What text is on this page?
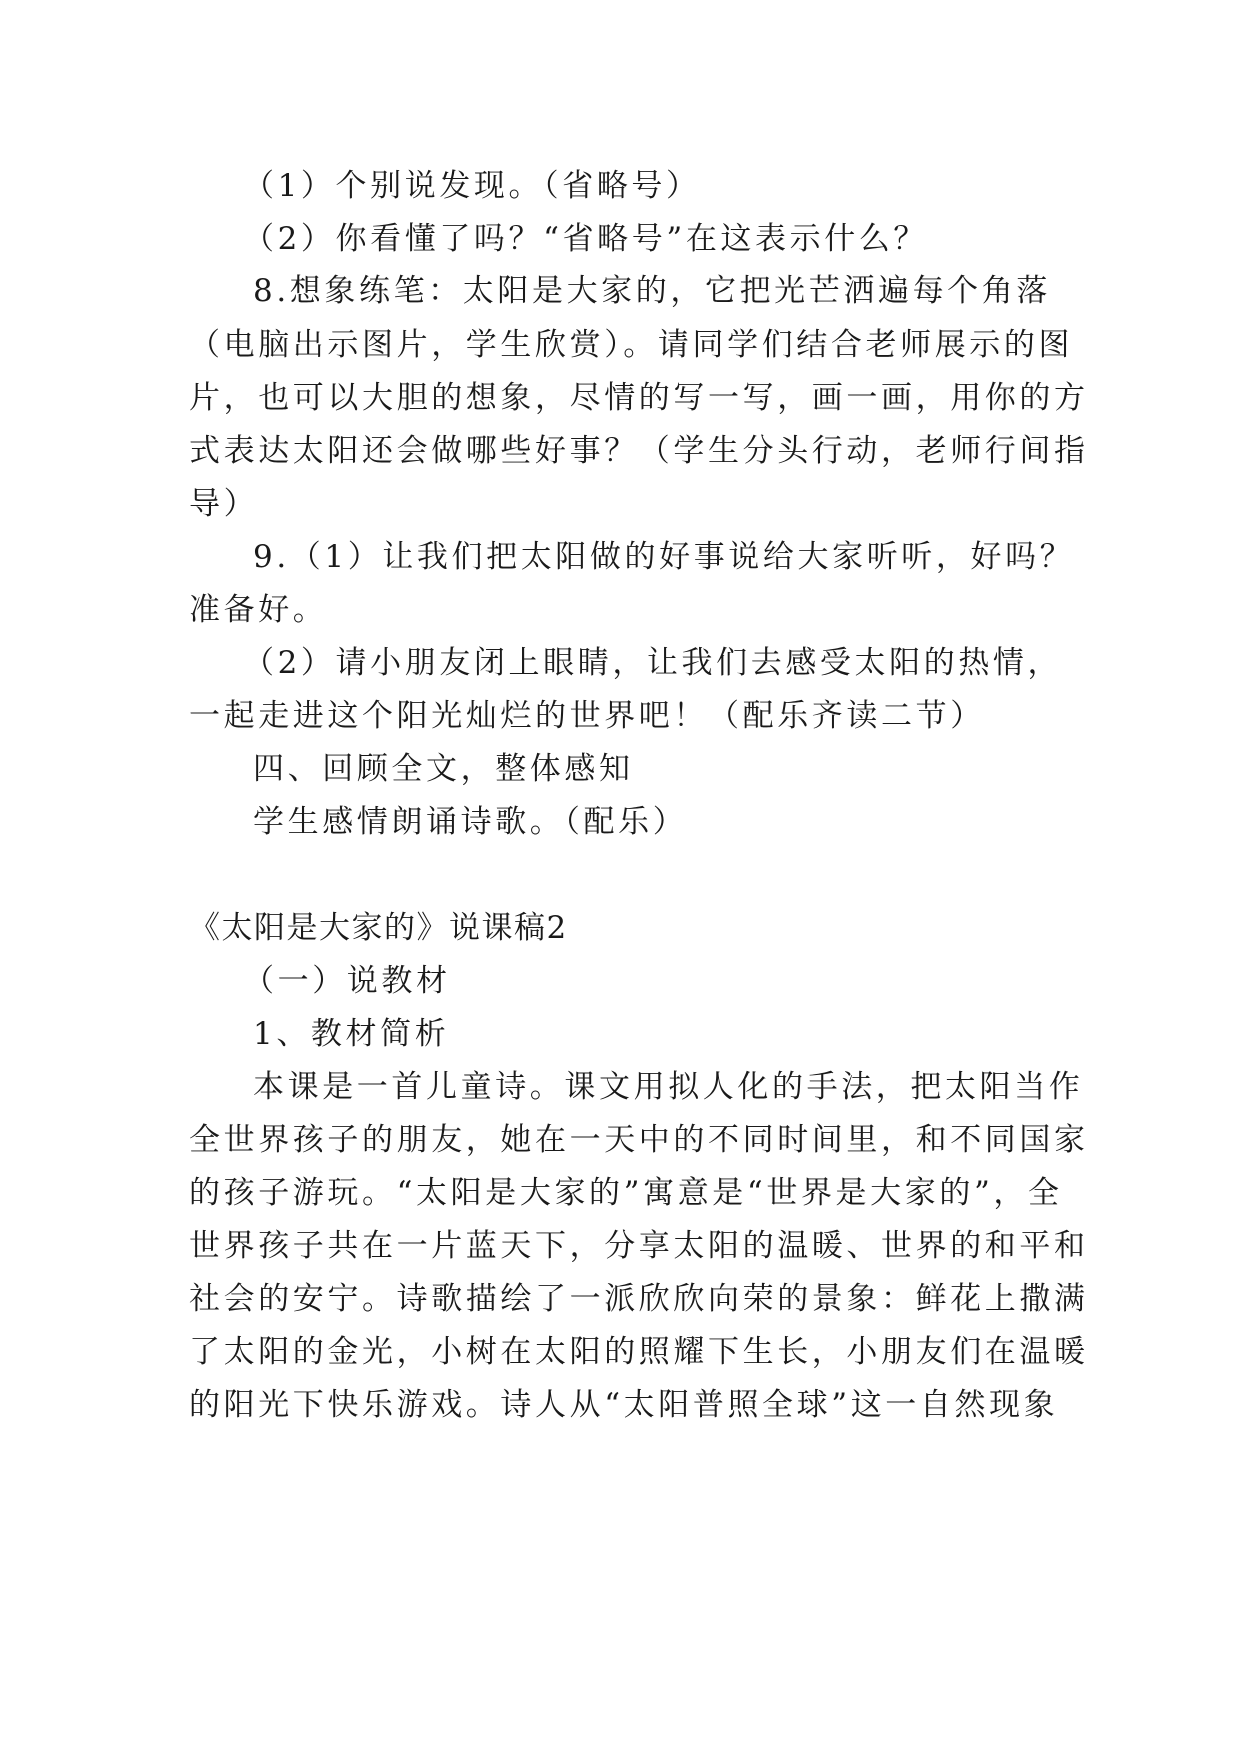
（1）个别说发现。（省略号）
（2）你看懂了吗？“省略号”在这表示什么？
8.想象练笔：太阳是大家的，它把光芒洒遍每个角落
（电脑出示图片，学生欣赏）。请同学们结合老师展示的图
片，也可以大胆的想象，尽情的写一写，画一画，用你的方
式表达太阳还会做哪些好事？（学生分头行动，老师行间指
导）
9.（1）让我们把太阳做的好事说给大家听听，好吗？
准备好。
（2）请小朋友闭上眼睛，让我们去感受太阳的热情，
一起走进这个阳光灿烂的世界吧！（配乐齐读二节）
四、回顾全文，整体感知
学生感情朗诵诗歌。（配乐）
《太阳是大家的》说课稿2
（一）说教材
1、教材简析
本课是一首儿童诗。课文用拟人化的手法，把太阳当作
全世界孩子的朋友，她在一天中的不同时间里，和不同国家
的孩子游玩。“太阳是大家的”寓意是“世界是大家的”，全
世界孩子共在一片蓝天下，分享太阳的温暖、世界的和平和
社会的安宁。诗歌描绘了一派欣欣向荣的景象：鲜花上撒满
了太阳的金光，小树在太阳的照耀下生长，小朋友们在温暖
的阳光下快乐游戏。诗人从“太阳普照全球”这一自然现象
